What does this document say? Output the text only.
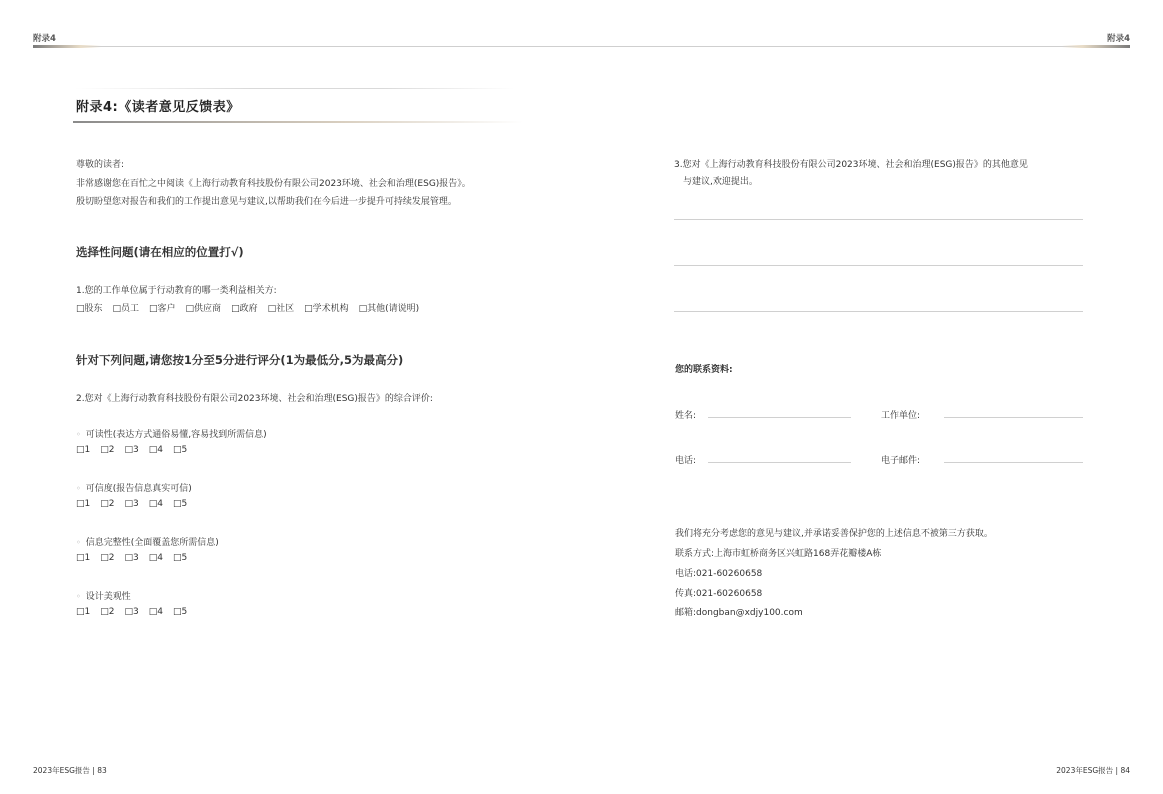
附录4	附录4
附录4:《读者意见反馈表》
尊敬的读者:
非常感谢您在百忙之中阅读《上海行动教育科技股份有限公司2023环境、社会和治理(ESG)报告》。
殷切盼望您对报告和我们的工作提出意见与建议,以帮助我们在今后进一步提升可持续发展管理。
选择性问题(请在相应的位置打√)
1.您的工作单位属于行动教育的哪一类利益相关方:
□股东 □员工 □客户 □供应商 □政府 □社区 □学术机构 □其他(请说明)
针对下列问题,请您按1分至5分进行评分(1为最低分,5为最高分)
2.您对《上海行动教育科技股份有限公司2023环境、社会和治理(ESG)报告》的综合评价:
◦ 可读性(表达方式通俗易懂,容易找到所需信息)
□1 □2 □3 □4 □5
◦ 可信度(报告信息真实可信)
□1 □2 □3 □4 □5
◦ 信息完整性(全面覆盖您所需信息)
□1 □2 □3 □4 □5
◦ 设计美观性
□1 □2 □3 □4 □5
3.您对《上海行动教育科技股份有限公司2023环境、社会和治理(ESG)报告》的其他意见
与建议,欢迎提出。
您的联系资料:
姓名:	工作单位:
电话:	电子邮件:
我们将充分考虑您的意见与建议,并承诺妥善保护您的上述信息不被第三方获取。
联系方式:上海市虹桥商务区兴虹路168弄花瓣楼A栋
电话:021-60260658
传真:021-60260658
邮箱:dongban@xdjy100.com
2023年ESG报告 | 83	2023年ESG报告 | 84
